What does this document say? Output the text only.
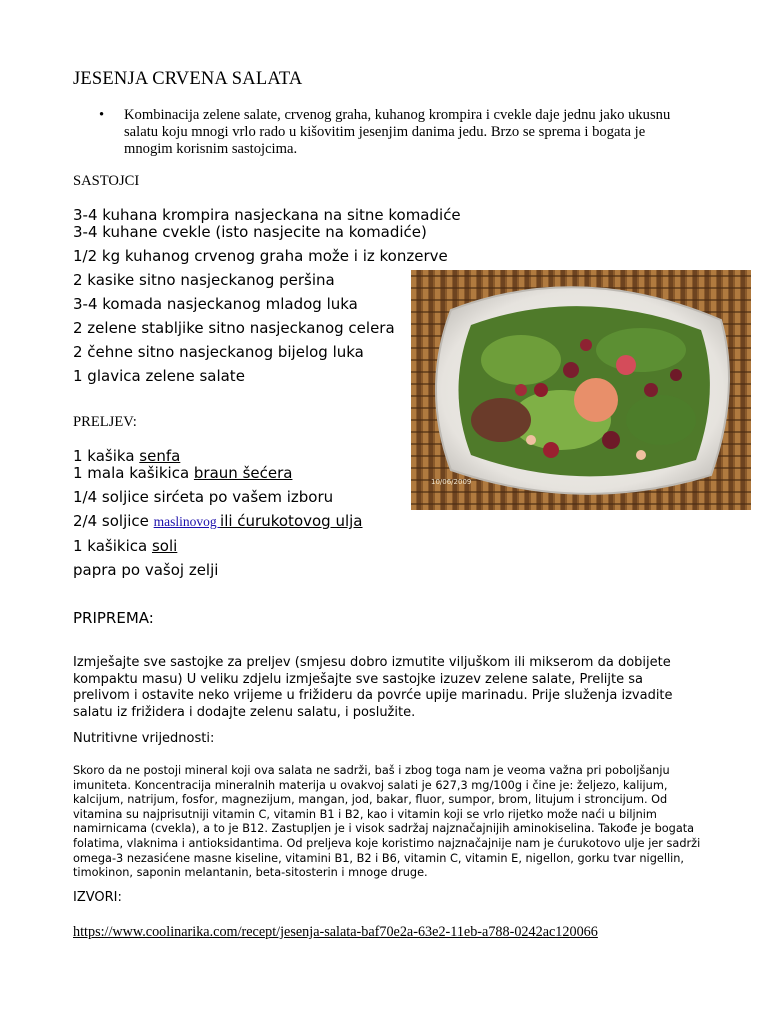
JESENJA CRVENA SALATA
• Kombinacija zelene salate, crvenog graha, kuhanog krompira i cvekle daje jednu jako ukusnu salatu koju mnogi vrlo rado u kišovitim jesenjim danima jedu. Brzo se sprema i bogata je mnogim korisnim sastojcima.
SASTOJCI
3-4 kuhana krompira nasjeckana na sitne komadiće
3-4 kuhane cvekle (isto nasjecite na komadiće)
1/2 kg kuhanog crvenog graha može i iz konzerve
2 kasike sitno nasjeckanog peršina
3-4 komada nasjeckanog mladog luka
2 zelene stabljike sitno nasjeckanog celera
2 čehne sitno nasjeckanog bijelog luka
1 glavica zelene salate
10/06/2009
PRELJEV:
1 kašika senfa
1 mala kašikica braun šećera
1/4 soljice sirćeta po vašem izboru
2/4 soljice maslinovog ili ćurukotovog ulja
1 kašikica soli
papra po vašoj zelji
PRIPREMA:
Izmješajte sve sastojke za preljev (smjesu dobro izmutite viljuškom ili mikserom da dobijete kompaktu masu) U veliku zdjelu izmješajte sve sastojke izuzev zelene salate, Prelijte sa prelivom i ostavite neko vrijeme u frižideru da povrće upije marinadu. Prije služenja izvadite salatu iz frižidera i dodajte zelenu salatu, i poslužite.
Nutritivne vrijednosti:
Skoro da ne postoji mineral koji ova salata ne sadrži, baš i zbog toga nam je veoma važna pri poboljšanju imuniteta. Koncentracija mineralnih materija u ovakvoj salati je 627,3 mg/100g i čine je: željezo, kalijum, kalcijum, natrijum, fosfor, magnezijum, mangan, jod, bakar, fluor, sumpor, brom, litujum i stroncijum. Od vitamina su najprisutniji vitamin C, vitamin B1 i B2, kao i vitamin koji se vrlo rijetko može naći u biljnim namirnicama (cvekla), a to je B12. Zastupljen je i visok sadržaj najznačajnijih aminokiselina. Takođe je bogata folatima, vlaknima i antioksidantima. Od preljeva koje koristimo najznačajnije nam je ćurukotovo ulje jer sadrži omega-3 nezasićene masne kiseline, vitamini B1, B2 i B6, vitamin C, vitamin E, nigellon, gorku tvar nigellin, timokinon, saponin melantanin, beta-sitosterin i mnoge druge.
IZVORI:
https://www.coolinarika.com/recept/jesenja-salata-baf70e2a-63e2-11eb-a788-0242ac120066
